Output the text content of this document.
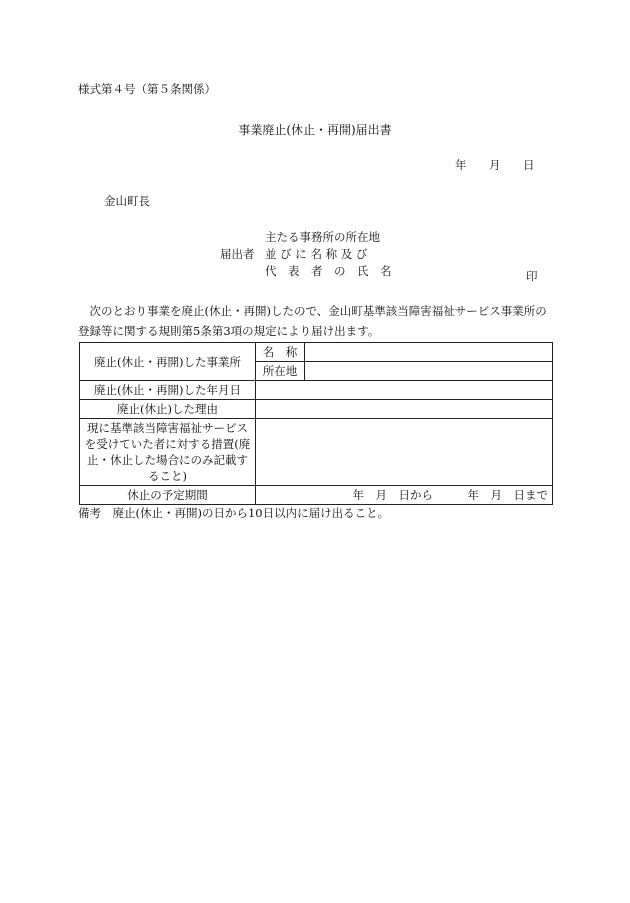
様式第４号（第５条関係）
事業廃止(休止・再開)届出書
年 月 日
金山町長
届出者
主たる事務所の所在地
並 び に 名 称 及 び
代　表　者　の　氏　名	印
次のとおり事業を廃止(休止・再開)したので、金山町基準該当障害福祉サービス事業所の登録等に関する規則第5条第3項の規定により届け出ます。
廃止(休止・再開)した事業所	名　称	
	所在地	
廃止(休止・再開)した年月日		
廃止(休止)した理由		
現に基準該当障害福祉サービスを受けていた者に対する措置(廃止・休止した場合にのみ記載すること)		
休止の予定期間	年　月　日から　　　年　月　日まで	
備考　廃止(休止・再開)の日から10日以内に届け出ること。
